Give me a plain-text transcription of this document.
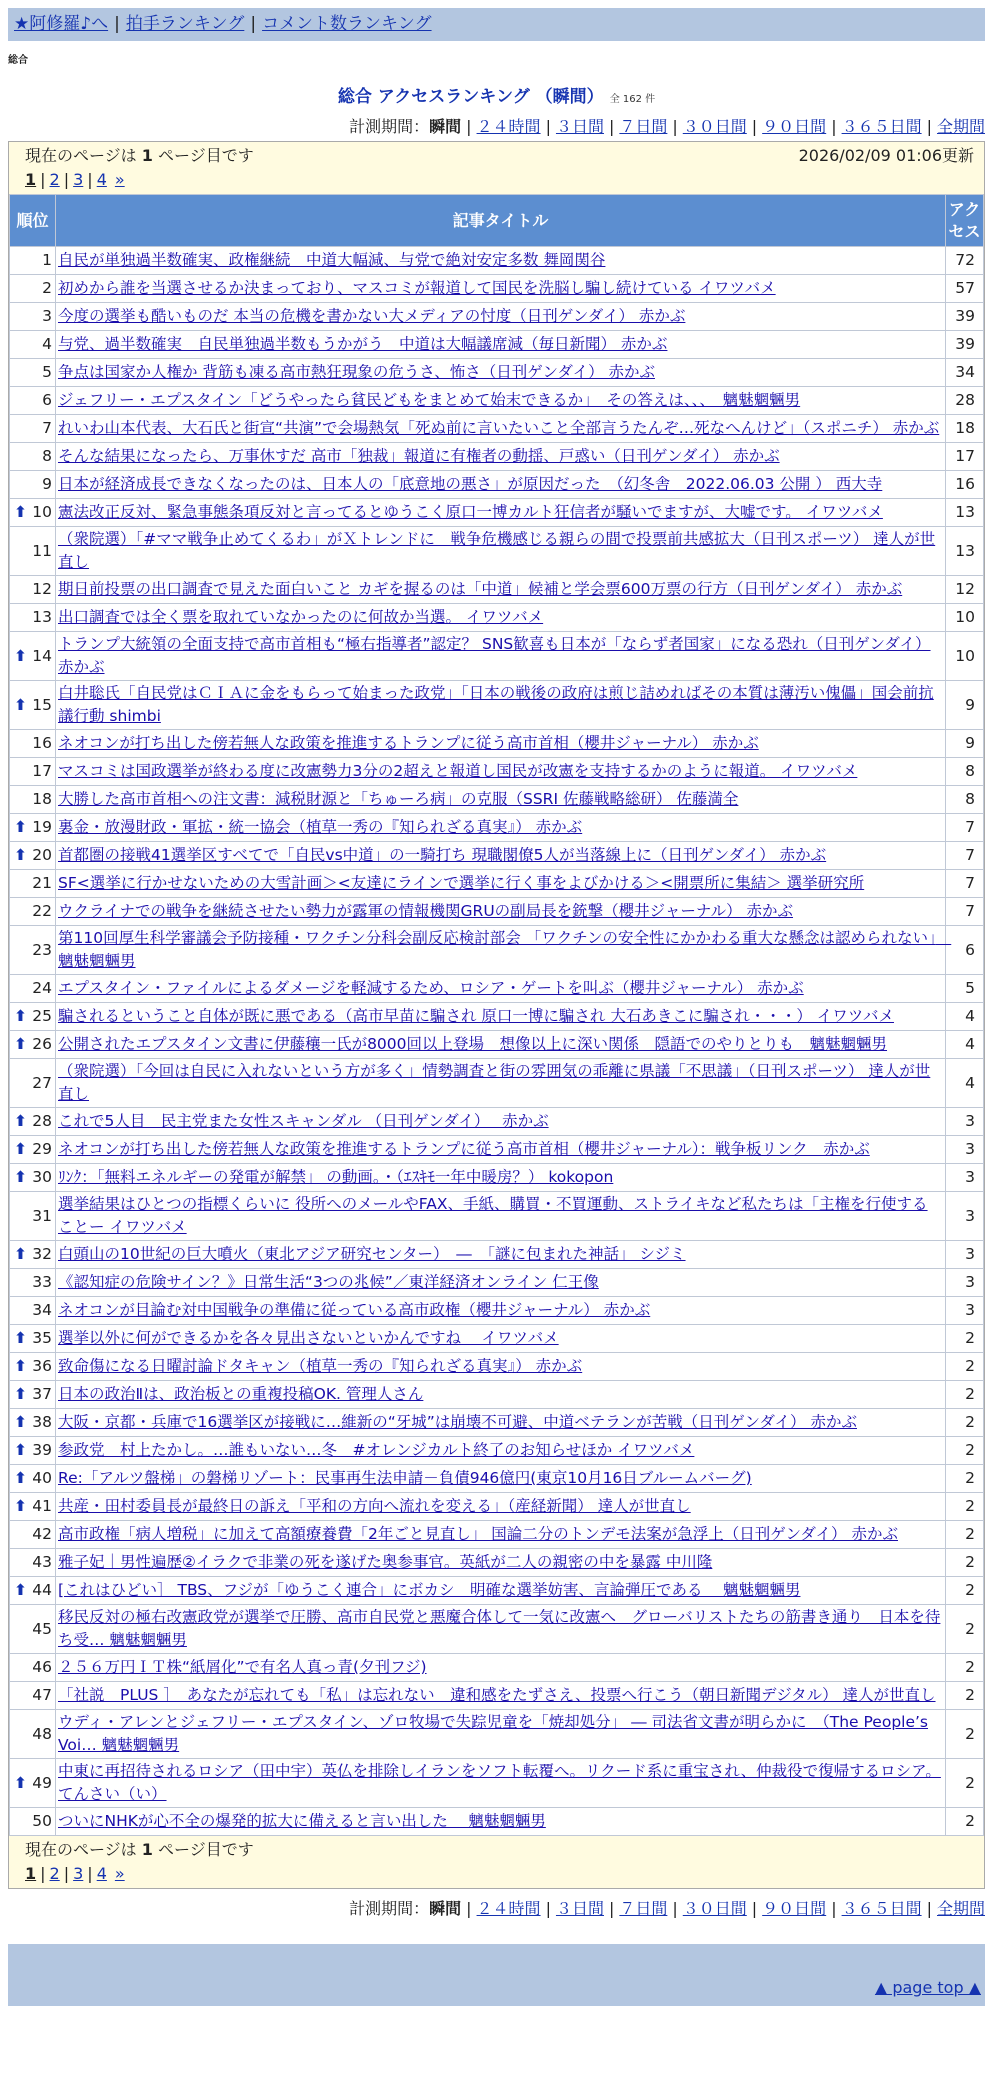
★阿修羅♪へ | 拍手ランキング | コメント数ランキング
総合
総合 アクセスランキング （瞬間） 全 162 件
計測期間：瞬間 | ２４時間 | ３日間 | ７日間 | ３０日間 | ９０日間 | ３６５日間 | 全期間
現在のページは 1 ページ目です	2026/02/09 01:06更新
1 | 2 | 3 | 4 »
順位	記事タイトル	アクセス
1	自民が単独過半数確実、政権継続　中道大幅減、与党で絶対安定多数 舞岡関谷	72
2	初めから誰を当選させるか決まっており、マスコミが報道して国民を洗脳し騙し続けている イワツバメ	57
3	今度の選挙も酷いものだ 本当の危機を書かない大メディアの忖度（日刊ゲンダイ） 赤かぶ	39
4	与党、過半数確実　自民単独過半数もうかがう　中道は大幅議席減（毎日新聞） 赤かぶ	39
5	争点は国家か人権か 背筋も凍る高市熱狂現象の危うさ、怖さ（日刊ゲンダイ） 赤かぶ	34
6	ジェフリー・エプスタイン「どうやったら貧民どもをまとめて始末できるか」　その答えは、、、　魑魅魍魎男	28
7	れいわ山本代表、大石氏と街宣“共演”で会場熱気「死ぬ前に言いたいこと全部言うたんぞ…死なへんけど」（スポニチ） 赤かぶ	18
8	そんな結果になったら、万事休すだ 高市「独裁」報道に有権者の動揺、戸惑い（日刊ゲンダイ） 赤かぶ	17
9	日本が経済成長できなくなったのは、日本人の「底意地の悪さ」が原因だった　（幻冬舎　2022.06.03 公開 ） 西大寺	16

⬆ 10	憲法改正反対、緊急事態条項反対と言ってるとゆうこく原口一博カルト狂信者が騒いでますが、大嘘です。 イワツバメ	13
11	（衆院選）「#ママ戦争止めてくるわ」がＸトレンドに　戦争危機感じる親らの間で投票前共感拡大（日刊スポーツ） 達人が世直し	13
12	期日前投票の出口調査で見えた面白いこと カギを握るのは「中道」候補と学会票600万票の行方（日刊ゲンダイ） 赤かぶ	12
13	出口調査では全く票を取れていなかったのに何故か当選。 イワツバメ	10

⬆ 14	トランプ大統領の全面支持で高市首相も“極右指導者”認定？ SNS歓喜も日本が「ならず者国家」になる恐れ（日刊ゲンダイ） 赤かぶ	10

⬆ 15	白井聡氏「自民党はＣＩＡに金をもらって始まった政党」「日本の戦後の政府は煎じ詰めればその本質は薄汚い傀儡」国会前抗議行動 shimbi	9
16	ネオコンが打ち出した傍若無人な政策を推進するトランプに従う高市首相（櫻井ジャーナル） 赤かぶ	9
17	マスコミは国政選挙が終わる度に改憲勢力3分の2超えと報道し国民が改憲を支持するかのように報道。 イワツバメ	8
18	大勝した高市首相への注文書：減税財源と「ちゅーろ病」の克服（SSRI 佐藤戦略総研） 佐藤満全	8

⬆ 19	裏金・放漫財政・軍拡・統一協会（植草一秀の『知られざる真実』） 赤かぶ	7

⬆ 20	首都圏の接戦41選挙区すべてで「自民vs中道」の一騎打ち 現職閣僚5人が当落線上に（日刊ゲンダイ） 赤かぶ	7
21	SF<選挙に行かせないための大雪計画＞<友達にラインで選挙に行く事をよびかける＞<開票所に集結＞ 選挙研究所	7
22	ウクライナでの戦争を継続させたい勢力が露軍の情報機関GRUの副局長を銃撃（櫻井ジャーナル） 赤かぶ	7
23	第110回厚生科学審議会予防接種・ワクチン分科会副反応検討部会 「ワクチンの安全性にかかわる重大な懸念は認められない」　魑魅魍魎男	6
24	エプスタイン・ファイルによるダメージを軽減するため、ロシア・ゲートを叫ぶ（櫻井ジャーナル） 赤かぶ	5

⬆ 25	騙されるということ自体が既に悪である（高市早苗に騙され 原口一博に騙され 大石あきこに騙され・・・） イワツバメ	4

⬆ 26	公開されたエプスタイン文書に伊藤穰一氏が8000回以上登場　想像以上に深い関係　隠語でのやりとりも　魑魅魍魎男	4
27	（衆院選）「今回は自民に入れないという方が多く」情勢調査と街の雰囲気の乖離に県議「不思議」（日刊スポーツ） 達人が世直し	4

⬆ 28	これで5人目　民主党また女性スキャンダル （日刊ゲンダイ）　 赤かぶ	3

⬆ 29	ネオコンが打ち出した傍若無人な政策を推進するトランプに従う高市首相（櫻井ジャーナル）：戦争板リンク　赤かぶ	3

⬆ 30	ﾘﾝｸ：「無料エネルギーの発電が解禁」 の動画。・（ｴｽｷﾓ一年中暖房？） kokopon	3
31	選挙結果はひとつの指標くらいに 役所へのメールやFAX、手紙、購買・不買運動、ストライキなど私たちは「主権を行使することー イワツバメ	3

⬆ 32	白頭山の10世紀の巨大噴火（東北アジア研究センター）　―　「謎に包まれた神話」 シジミ	3
33	《認知症の危険サイン？》日常生活“3つの兆候”／東洋経済オンライン 仁王像	3
34	ネオコンが目論む対中国戦争の準備に従っている高市政権（櫻井ジャーナル） 赤かぶ	3

⬆ 35	選挙以外に何ができるかを各々見出さないといかんですね　 イワツバメ	2

⬆ 36	致命傷になる日曜討論ドタキャン（植草一秀の『知られざる真実』） 赤かぶ	2

⬆ 37	日本の政治Ⅱは、政治板との重複投稿OK. 管理人さん	2

⬆ 38	大阪・京都・兵庫で16選挙区が接戦に…維新の“牙城”は崩壊不可避、中道ベテランが苦戦（日刊ゲンダイ） 赤かぶ	2

⬆ 39	参政党　村上たかし。…誰もいない…冬　#オレンジカルト終了のお知らせほか イワツバメ	2

⬆ 40	Re:「アルツ盤梯」の磐梯リゾート：民事再生法申請－負債946億円(東京10月16日ブルームバーグ)	2

⬆ 41	共産・田村委員長が最終日の訴え「平和の方向へ流れを変える」（産経新聞） 達人が世直し	2
42	高市政権「病人増税」に加えて高額療養費「2年ごと見直し」 国論二分のトンデモ法案が急浮上（日刊ゲンダイ） 赤かぶ	2
43	雅子妃｜男性遍歴②イラクで非業の死を遂げた奥参事官。英紙が二人の親密の中を暴露 中川隆	2

⬆ 44	[これはひどい］ TBS、フジが「ゆうこく連合」にボカシ　明確な選挙妨害、言論弾圧である　 魑魅魍魎男	2
45	移民反対の極右改憲政党が選挙で圧勝、高市自民党と悪魔合体して一気に改憲へ　グローバリストたちの筋書き通り　日本を待ち受… 魑魅魍魎男	2
46	２５６万円ＩＴ株“紙屑化”で有名人真っ青(夕刊フジ)	2
47	「社説　PLUS ］　あなたが忘れても「私」は忘れない　違和感をたずさえ、投票へ行こう（朝日新聞デジタル） 達人が世直し	2
48	ウディ・アレンとジェフリー・エプスタイン、ゾロ牧場で失踪児童を「焼却処分」 ― 司法省文書が明らかに　（The People’s Voi… 魑魅魍魎男	2

⬆ 49	中東に再招待されるロシア（田中宇）英仏を排除しイランをソフト転覆へ。リクード系に重宝され、仲裁役で復帰するロシア。 てんさい（い）	2
50	ついにNHKが心不全の爆発的拡大に備えると言い出した　 魑魅魍魎男	2
現在のページは 1 ページ目です
1 | 2 | 3 | 4 »
計測期間：瞬間 | ２４時間 | ３日間 | ７日間 | ３０日間 | ９０日間 | ３６５日間 | 全期間
▲ page top ▲
